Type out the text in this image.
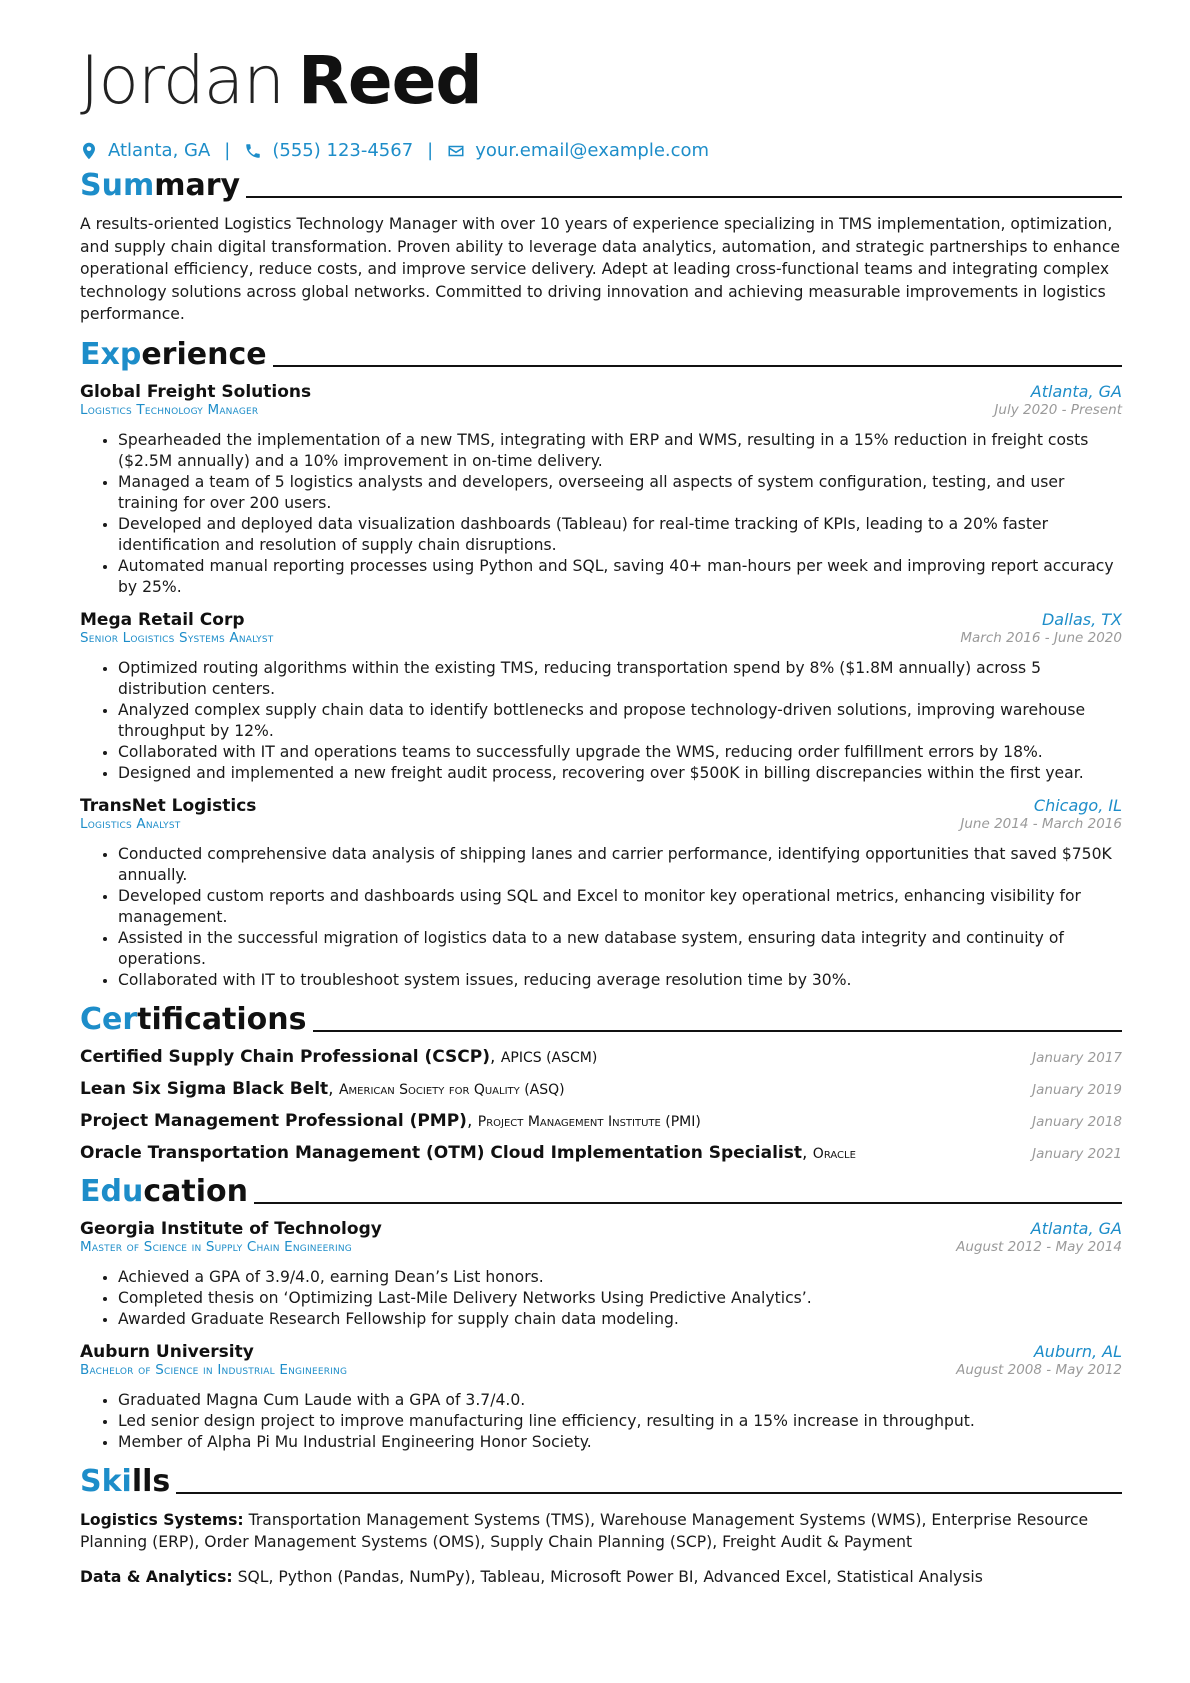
Jordan Reed
Atlanta, GA | (555) 123-4567 | your.email@example.com
Summary
A results-oriented Logistics Technology Manager with over 10 years of experience specializing in TMS implementation, optimization, and supply chain digital transformation. Proven ability to leverage data analytics, automation, and strategic partnerships to enhance operational efficiency, reduce costs, and improve service delivery. Adept at leading cross-functional teams and integrating complex technology solutions across global networks. Committed to driving innovation and achieving measurable improvements in logistics performance.
Experience
Global Freight Solutions	Atlanta, GA
Logistics Technology Manager	July 2020 - Present
• Spearheaded the implementation of a new TMS, integrating with ERP and WMS, resulting in a 15% reduction in freight costs ($2.5M annually) and a 10% improvement in on-time delivery.
• Managed a team of 5 logistics analysts and developers, overseeing all aspects of system configuration, testing, and user training for over 200 users.
• Developed and deployed data visualization dashboards (Tableau) for real-time tracking of KPIs, leading to a 20% faster identification and resolution of supply chain disruptions.
• Automated manual reporting processes using Python and SQL, saving 40+ man-hours per week and improving report accuracy by 25%.
Mega Retail Corp	Dallas, TX
Senior Logistics Systems Analyst	March 2016 - June 2020
• Optimized routing algorithms within the existing TMS, reducing transportation spend by 8% ($1.8M annually) across 5 distribution centers.
• Analyzed complex supply chain data to identify bottlenecks and propose technology-driven solutions, improving warehouse throughput by 12%.
• Collaborated with IT and operations teams to successfully upgrade the WMS, reducing order fulfillment errors by 18%.
• Designed and implemented a new freight audit process, recovering over $500K in billing discrepancies within the first year.
TransNet Logistics	Chicago, IL
Logistics Analyst	June 2014 - March 2016
• Conducted comprehensive data analysis of shipping lanes and carrier performance, identifying opportunities that saved $750K annually.
• Developed custom reports and dashboards using SQL and Excel to monitor key operational metrics, enhancing visibility for management.
• Assisted in the successful migration of logistics data to a new database system, ensuring data integrity and continuity of operations.
• Collaborated with IT to troubleshoot system issues, reducing average resolution time by 30%.
Certifications
Certified Supply Chain Professional (CSCP), APICS (ASCM)	January 2017
Lean Six Sigma Black Belt, American Society for Quality (ASQ)	January 2019
Project Management Professional (PMP), Project Management Institute (PMI)	January 2018
Oracle Transportation Management (OTM) Cloud Implementation Specialist, Oracle	January 2021
Education
Georgia Institute of Technology	Atlanta, GA
Master of Science in Supply Chain Engineering	August 2012 - May 2014
• Achieved a GPA of 3.9/4.0, earning Dean’s List honors.
• Completed thesis on ‘Optimizing Last-Mile Delivery Networks Using Predictive Analytics’.
• Awarded Graduate Research Fellowship for supply chain data modeling.
Auburn University	Auburn, AL
Bachelor of Science in Industrial Engineering	August 2008 - May 2012
• Graduated Magna Cum Laude with a GPA of 3.7/4.0.
• Led senior design project to improve manufacturing line efficiency, resulting in a 15% increase in throughput.
• Member of Alpha Pi Mu Industrial Engineering Honor Society.
Skills

Logistics Systems: Transportation Management Systems (TMS), Warehouse Management Systems (WMS), Enterprise Resource Planning (ERP), Order Management Systems (OMS), Supply Chain Planning (SCP), Freight Audit & Payment

Data & Analytics: SQL, Python (Pandas, NumPy), Tableau, Microsoft Power BI, Advanced Excel, Statistical Analysis
